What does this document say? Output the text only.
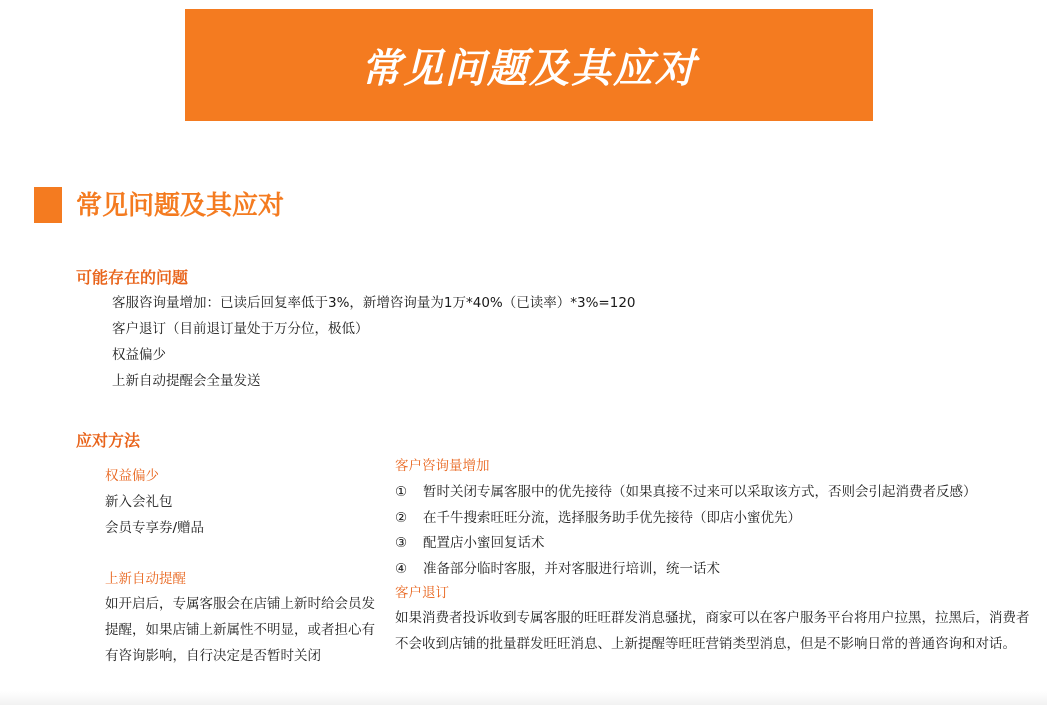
常见问题及其应对
常见问题及其应对
可能存在的问题
客服咨询量增加：已读后回复率低于3%，新增咨询量为1万*40%（已读率）*3%=120
客户退订（目前退订量处于万分位，极低）
权益偏少
上新自动提醒会全量发送
应对方法
权益偏少
新入会礼包
会员专享券/赠品
上新自动提醒
如开启后，专属客服会在店铺上新时给会员发提醒，如果店铺上新属性不明显，或者担心有有咨询影响，自行决定是否暂时关闭
客户咨询量增加
①	暂时关闭专属客服中的优先接待（如果真接不过来可以采取该方式，否则会引起消费者反感）
②	在千牛搜索旺旺分流，选择服务助手优先接待（即店小蜜优先）
③	配置店小蜜回复话术
④	准备部分临时客服，并对客服进行培训，统一话术
客户退订
如果消费者投诉收到专属客服的旺旺群发消息骚扰，商家可以在客户服务平台将用户拉黑，拉黑后，消费者不会收到店铺的批量群发旺旺消息、上新提醒等旺旺营销类型消息，但是不影响日常的普通咨询和对话。
